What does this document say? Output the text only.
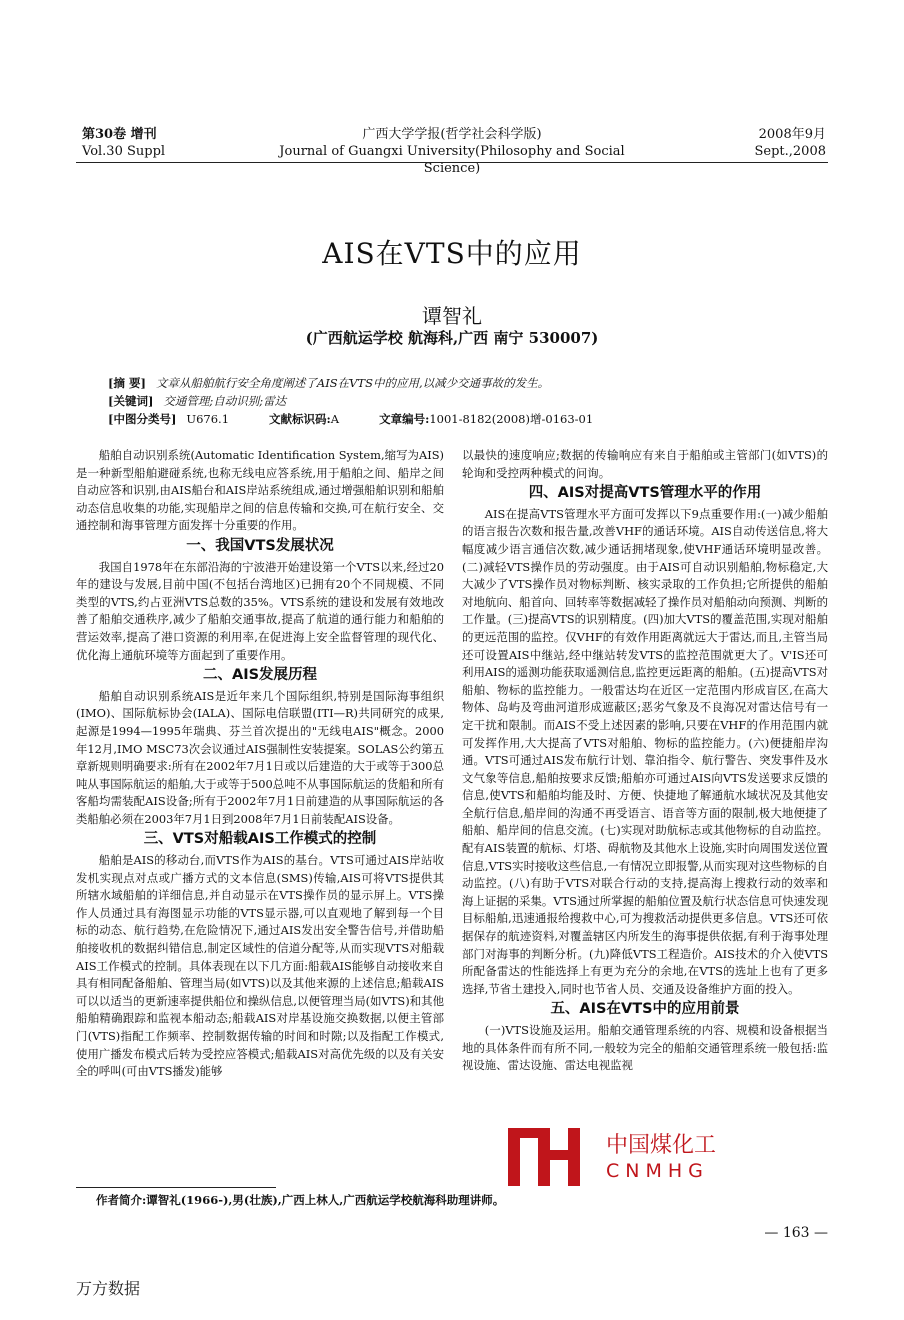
第30卷 增刊
Vol.30 Suppl
广西大学学报(哲学社会科学版)
Journal of Guangxi University(Philosophy and Social Science)
2008年9月
Sept.,2008
AIS在VTS中的应用
谭智礼
(广西航运学校 航海科,广西 南宁 530007)
[摘 要] 文章从船舶航行安全角度阐述了AIS在VTS中的应用,以减少交通事故的发生。
[关键词] 交通管理;自动识别;雷达
[中图分类号] U676.1	文献标识码:A	文章编号:1001-8182(2008)增-0163-01

船舶自动识别系统(Automatic Identification System,缩写为AIS)是一种新型船舶避碰系统,也称无线电应答系统,用于船舶之间、船岸之间自动应答和识别,由AIS船台和AIS岸站系统组成,通过增强船舶识别和船舶动态信息收集的功能,实现船岸之间的信息传输和交换,可在航行安全、交通控制和海事管理方面发挥十分重要的作用。

一、我国VTS发展状况

我国自1978年在东部沿海的宁波港开始建设第一个VTS以来,经过20年的建设与发展,目前中国(不包括台湾地区)已拥有20个不同规模、不同类型的VTS,约占亚洲VTS总数的35%。VTS系统的建设和发展有效地改善了船舶交通秩序,减少了船舶交通事故,提高了航道的通行能力和船舶的营运效率,提高了港口资源的利用率,在促进海上安全监督管理的现代化、优化海上通航环境等方面起到了重要作用。

二、AIS发展历程

船舶自动识别系统AIS是近年来几个国际组织,特别是国际海事组织(IMO)、国际航标协会(IALA)、国际电信联盟(ITI—R)共同研究的成果,起源是1994—1995年瑞典、芬兰首次提出的"无线电AIS"概念。2000年12月,IMO MSC73次会议通过AIS强制性安装提案。SOLAS公约第五章新规则明确要求:所有在2002年7月1日或以后建造的大于或等于300总吨从事国际航运的船舶,大于或等于500总吨不从事国际航运的货船和所有客船均需装配AIS设备;所有于2002年7月1日前建造的从事国际航运的各类船舶必须在2003年7月1日到2008年7月1日前装配AIS设备。

三、VTS对船载AIS工作模式的控制

船舶是AIS的移动台,而VTS作为AIS的基台。VTS可通过AIS岸站收发机实现点对点或广播方式的文本信息(SMS)传输,AIS可将VTS提供其所辖水域船舶的详细信息,并自动显示在VTS操作员的显示屏上。VTS操作人员通过具有海图显示功能的VTS显示器,可以直观地了解到每一个目标的动态、航行趋势,在危险情况下,通过AIS发出安全警告信号,并借助船舶接收机的数据纠错信息,制定区域性的信道分配等,从而实现VTS对船载AIS工作模式的控制。具体表现在以下几方面:船载AIS能够自动接收来自具有相同配备船舶、管理当局(如VTS)以及其他来源的上述信息;船载AIS可以以适当的更新速率提供船位和操纵信息,以便管理当局(如VTS)和其他船舶精确跟踪和监视本船动态;船载AIS对岸基设施交换数据,以便主管部门(VTS)指配工作频率、控制数据传输的时间和时隙;以及指配工作模式,使用广播发布模式后转为受控应答模式;船载AIS对高优先级的以及有关安全的呼叫(可由VTS播发)能够

以最快的速度响应;数据的传输响应有来自于船舶或主管部门(如VTS)的轮询和受控两种模式的问询。

四、AIS对提高VTS管理水平的作用

AIS在提高VTS管理水平方面可发挥以下9点重要作用:(一)减少船舶的语言报告次数和报告量,改善VHF的通话环境。AIS自动传送信息,将大幅度减少语言通信次数,减少通话拥堵现象,使VHF通话环境明显改善。(二)减轻VTS操作员的劳动强度。由于AIS可自动识别船舶,物标稳定,大大减少了VTS操作员对物标判断、核实录取的工作负担;它所提供的船舶对地航向、船首向、回转率等数据减轻了操作员对船舶动向预测、判断的工作量。(三)提高VTS的识别精度。(四)加大VTS的覆盖范围,实现对船舶的更远范围的监控。仅VHF的有效作用距离就远大于雷达,而且,主管当局还可设置AIS中继站,经中继站转发VTS的监控范围就更大了。V'IS还可利用AIS的遥测功能获取遥测信息,监控更远距离的船舶。(五)提高VTS对船舶、物标的监控能力。一般雷达均在近区一定范围内形成盲区,在高大物体、岛屿及弯曲河道形成遮蔽区;恶劣气象及不良海况对雷达信号有一定干扰和限制。而AIS不受上述因素的影响,只要在VHF的作用范围内就可发挥作用,大大提高了VTS对船舶、物标的监控能力。(六)便捷船岸沟通。VTS可通过AIS发布航行计划、靠泊指令、航行警告、突发事件及水文气象等信息,船舶按要求反馈;船舶亦可通过AIS向VTS发送要求反馈的信息,使VTS和船舶均能及时、方便、快捷地了解通航水域状况及其他安全航行信息,船岸间的沟通不再受语言、语音等方面的限制,极大地便捷了船舶、船岸间的信息交流。(七)实现对助航标志或其他物标的自动监控。配有AIS装置的航标、灯塔、碍航物及其他水上设施,实时向周围发送位置信息,VTS实时接收这些信息,一有情况立即报警,从而实现对这些物标的自动监控。(八)有助于VTS对联合行动的支持,提高海上搜救行动的效率和海上证据的采集。VTS通过所掌握的船舶位置及航行状态信息可快速发现目标船舶,迅速通报给搜救中心,可为搜救活动提供更多信息。VTS还可依据保存的航迹资料,对覆盖辖区内所发生的海事提供依据,有利于海事处理部门对海事的判断分析。(九)降低VTS工程造价。AIS技术的介入使VTS所配备雷达的性能选择上有更为充分的余地,在VTS的选址上也有了更多选择,节省土建投入,同时也节省人员、交通及设备维护方面的投入。

五、AIS在VTS中的应用前景

(一)VTS设施及运用。船舶交通管理系统的内容、规模和设备根据当地的具体条件而有所不同,一般较为完全的船舶交通管理系统一般包括:监视设施、雷达设施、雷达电视监视

中国煤化工
CNMHG
作者简介:谭智礼(1966-),男(壮族),广西上林人,广西航运学校航海科助理讲师。
— 163 —
万方数据
